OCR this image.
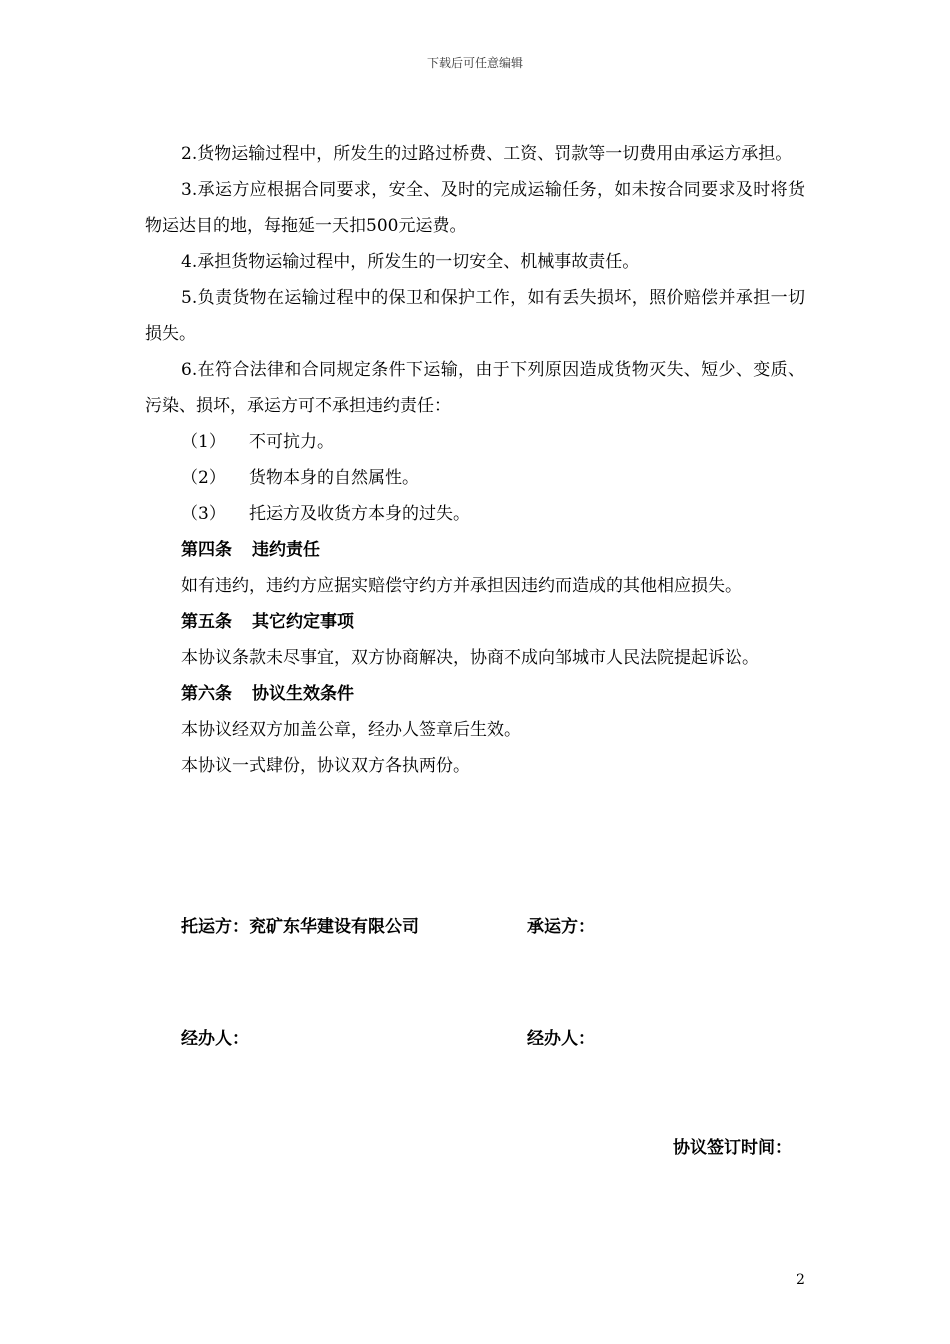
下载后可任意编辑

2.货物运输过程中，所发生的过路过桥费、工资、罚款等一切费用由承运方承担。

3.承运方应根据合同要求，安全、及时的完成运输任务，如未按合同要求及时将货物运达目的地，每拖延一天扣500元运费。

4.承担货物运输过程中，所发生的一切安全、机械事故责任。

5.负责货物在运输过程中的保卫和保护工作，如有丢失损坏，照价赔偿并承担一切损失。

6.在符合法律和合同规定条件下运输，由于下列原因造成货物灭失、短少、变质、污染、损坏，承运方可不承担违约责任：

（1） 不可抗力。

（2） 货物本身的自然属性。

（3） 托运方及收货方本身的过失。

第四条 违约责任

如有违约，违约方应据实赔偿守约方并承担因违约而造成的其他相应损失。

第五条 其它约定事项

本协议条款未尽事宜，双方协商解决，协商不成向邹城市人民法院提起诉讼。

第六条 协议生效条件

本协议经双方加盖公章，经办人签章后生效。

本协议一式肆份，协议双方各执两份。

托运方：兖矿东华建设有限公司	承运方：
经办人：	经办人：
协议签订时间：
2
